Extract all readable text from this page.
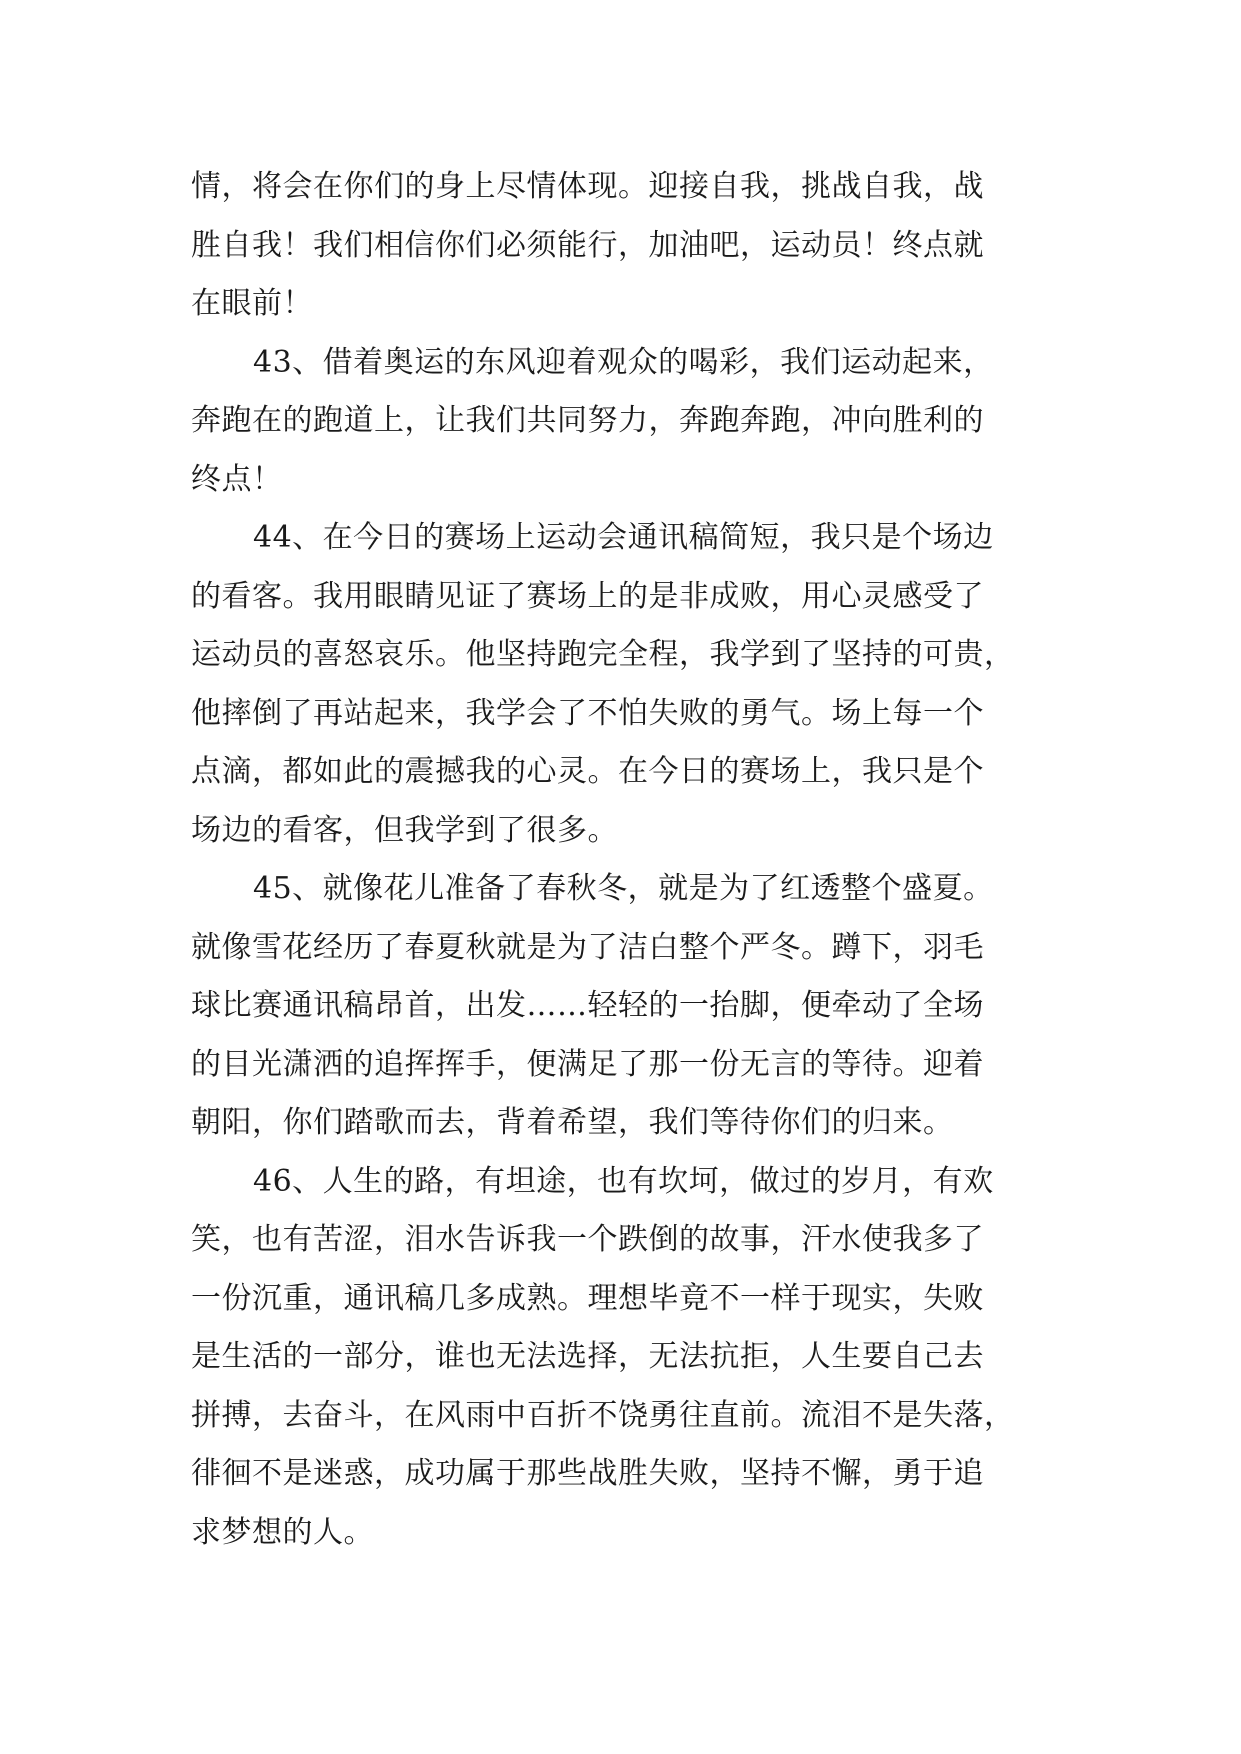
情，将会在你们的身上尽情体现。迎接自我，挑战自我，战
胜自我！我们相信你们必须能行，加油吧，运动员！终点就
在眼前！
43、借着奥运的东风迎着观众的喝彩，我们运动起来，
奔跑在的跑道上，让我们共同努力，奔跑奔跑，冲向胜利的
终点！
44、在今日的赛场上运动会通讯稿简短，我只是个场边
的看客。我用眼睛见证了赛场上的是非成败，用心灵感受了
运动员的喜怒哀乐。他坚持跑完全程，我学到了坚持的可贵，
他摔倒了再站起来，我学会了不怕失败的勇气。场上每一个
点滴，都如此的震撼我的心灵。在今日的赛场上，我只是个
场边的看客，但我学到了很多。
45、就像花儿准备了春秋冬，就是为了红透整个盛夏。
就像雪花经历了春夏秋就是为了洁白整个严冬。蹲下，羽毛
球比赛通讯稿昂首，出发……轻轻的一抬脚，便牵动了全场
的目光潇洒的追挥挥手，便满足了那一份无言的等待。迎着
朝阳，你们踏歌而去，背着希望，我们等待你们的归来。
46、人生的路，有坦途，也有坎坷，做过的岁月，有欢
笑，也有苦涩，泪水告诉我一个跌倒的故事，汗水使我多了
一份沉重，通讯稿几多成熟。理想毕竟不一样于现实，失败
是生活的一部分，谁也无法选择，无法抗拒，人生要自己去
拼搏，去奋斗，在风雨中百折不饶勇往直前。流泪不是失落，
徘徊不是迷惑，成功属于那些战胜失败，坚持不懈，勇于追
求梦想的人。
